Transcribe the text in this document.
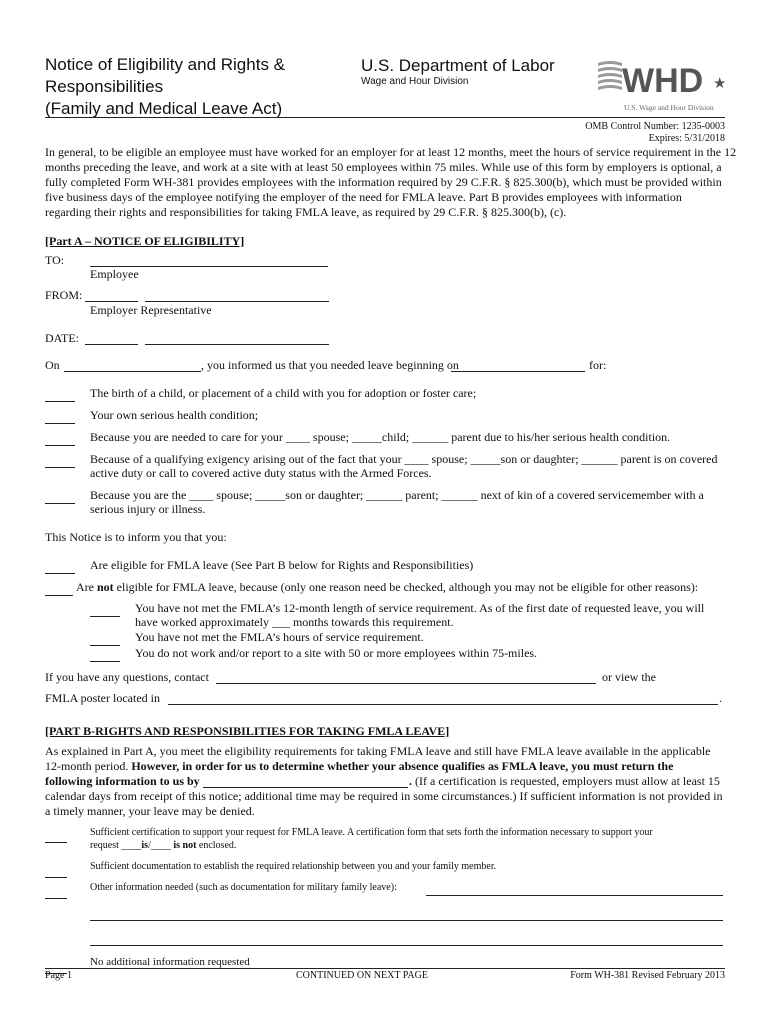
Notice of Eligibility and Rights &
Responsibilities
(Family and Medical Leave Act)
U.S. Department of Labor
Wage and Hour Division	WHD ★
U.S. Wage and Hour Division
OMB Control Number: 1235-0003
Expires: 5/31/2018
In general, to be eligible an employee must have worked for an employer for at least 12 months, meet the hours of service requirement in the 12
months preceding the leave, and work at a site with at least 50 employees within 75 miles. While use of this form by employers is optional, a
fully completed Form WH-381 provides employees with the information required by 29 C.F.R. § 825.300(b), which must be provided within
five business days of the employee notifying the employer of the need for FMLA leave. Part B provides employees with information
regarding their rights and responsibilities for taking FMLA leave, as required by 29 C.F.R. § 825.300(b), (c).
[Part A – NOTICE OF ELIGIBILITY]
TO:
Employee
FROM:
Employer Representative
DATE:
On	, you informed us that you needed leave beginning on	for:
The birth of a child, or placement of a child with you for adoption or foster care;
Your own serious health condition;
Because you are needed to care for your ____ spouse; _____child; ______ parent due to his/her serious health condition.
Because of a qualifying exigency arising out of the fact that your ____ spouse; _____son or daughter; ______ parent is on covered
active duty or call to covered active duty status with the Armed Forces.
Because you are the ____ spouse; _____son or daughter; ______ parent; ______ next of kin of a covered servicemember with a
serious injury or illness.
This Notice is to inform you that you:
Are eligible for FMLA leave (See Part B below for Rights and Responsibilities)
Are not eligible for FMLA leave, because (only one reason need be checked, although you may not be eligible for other reasons):
You have not met the FMLA’s 12-month length of service requirement. As of the first date of requested leave, you will
have worked approximately ___ months towards this requirement.
You have not met the FMLA’s hours of service requirement.
You do not work and/or report to a site with 50 or more employees within 75-miles.
If you have any questions, contact	or view the
FMLA poster located in	.
[PART B-RIGHTS AND RESPONSIBILITIES FOR TAKING FMLA LEAVE]
As explained in Part A, you meet the eligibility requirements for taking FMLA leave and still have FMLA leave available in the applicable
12-month period. However, in order for us to determine whether your absence qualifies as FMLA leave, you must return the
following information to us by	. (If a certification is requested, employers must allow at least 15
calendar days from receipt of this notice; additional time may be required in some circumstances.) If sufficient information is not provided in
a timely manner, your leave may be denied.
Sufficient certification to support your request for FMLA leave. A certification form that sets forth the information necessary to support your
request ____is/____ is not enclosed.
Sufficient documentation to establish the required relationship between you and your family member.
Other information needed (such as documentation for military family leave):
No additional information requested
Page 1	CONTINUED ON NEXT PAGE	Form WH-381 Revised February 2013
